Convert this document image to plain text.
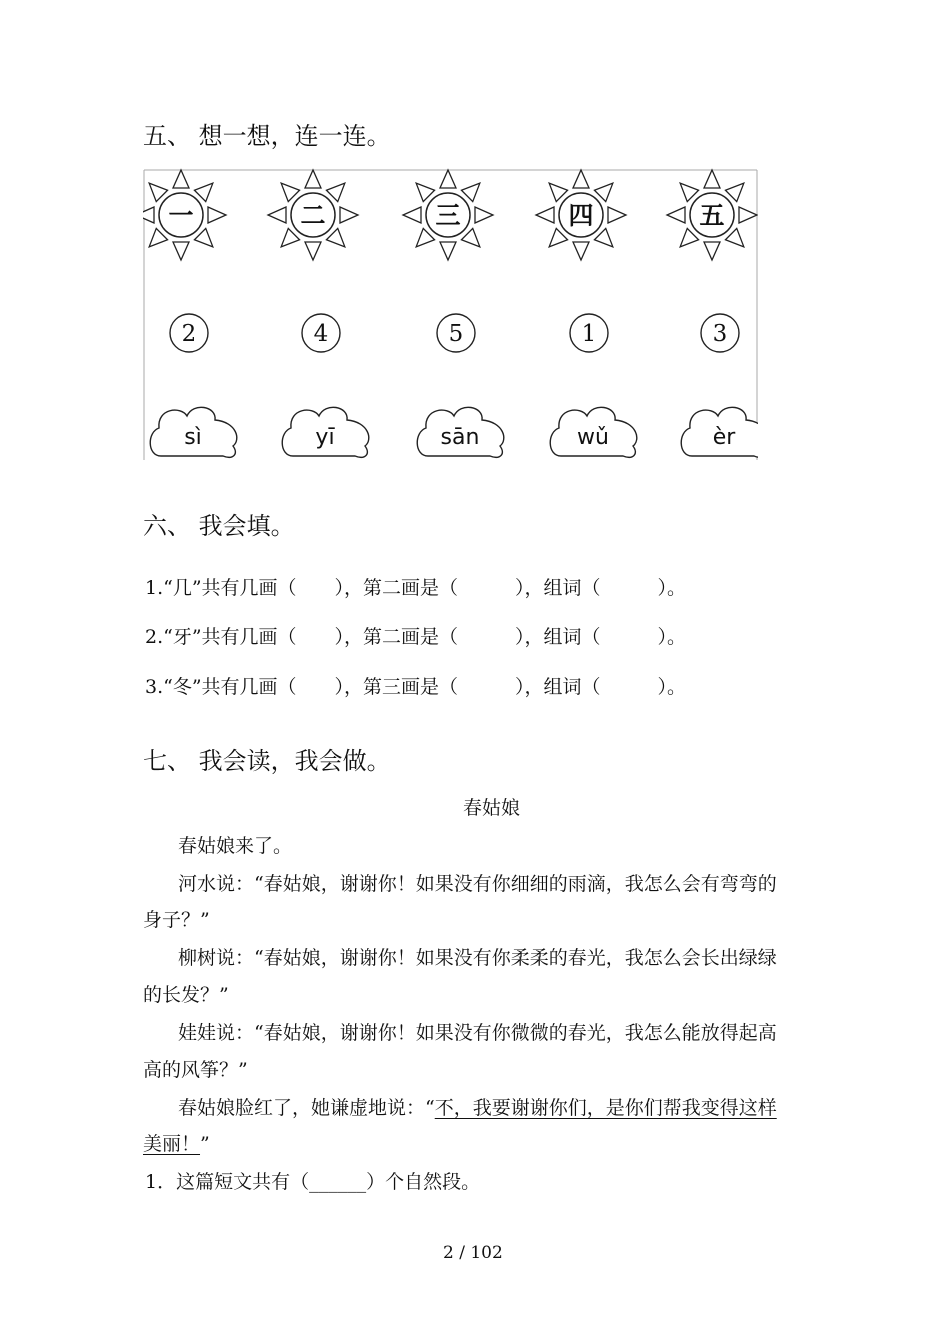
五、 想一想，连一连。
一	二	三	四	五
2	4	5	1	3
sì	yī	sān	wǔ	èr
六、 我会填。
1.“几”共有几画（　　），第二画是（　　　），组词（　　　）。
2.“牙”共有几画（　　），第二画是（　　　），组词（　　　）。
3.“冬”共有几画（　　），第三画是（　　　），组词（　　　）。
七、 我会读，我会做。
春姑娘
春姑娘来了。
河水说：“春姑娘，谢谢你！如果没有你细细的雨滴，我怎么会有弯弯的
身子？”
柳树说：“春姑娘，谢谢你！如果没有你柔柔的春光，我怎么会长出绿绿
的长发？”
娃娃说：“春姑娘，谢谢你！如果没有你微微的春光，我怎么能放得起高
高的风筝？”
春姑娘脸红了，她谦虚地说：“不，我要谢谢你们，是你们帮我变得这样
美丽！”
1．这篇短文共有（______）个自然段。
2 / 102
